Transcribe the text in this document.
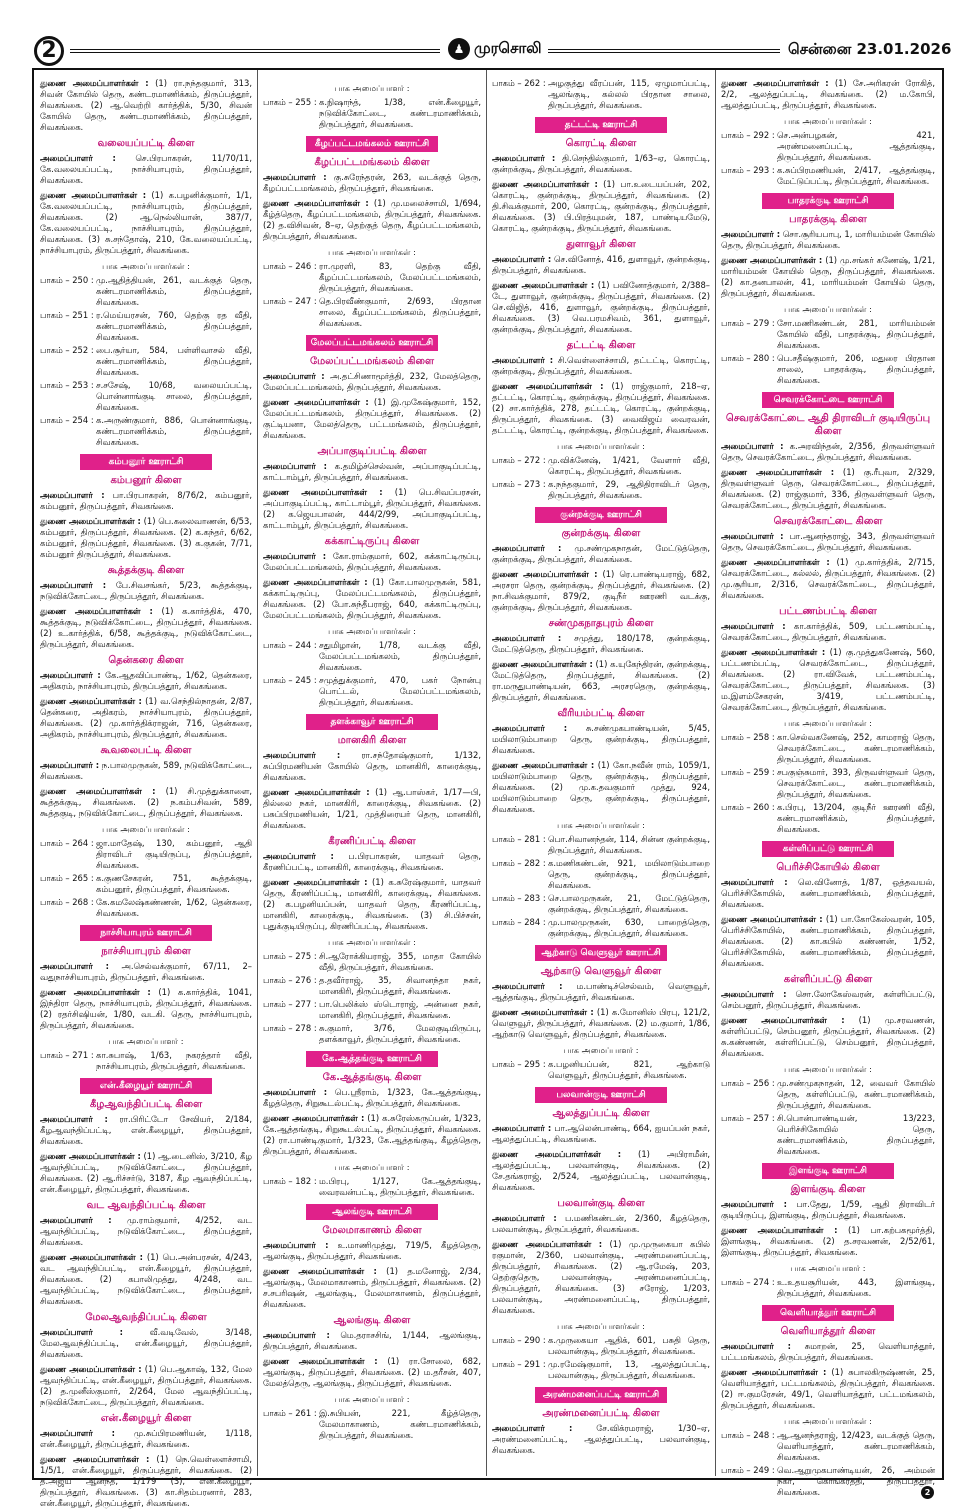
2	♟ முரசொலி	சென்னை 23.01.2026
துணை அமைப்பாளர்கள் : (1) ரா.நந்தகுமார், 313, சிவன் கோயில் தெரு, கண்டரமாணிக்கம், திருப்பத்தூர், சிவகங்கை. (2) ஆ.வெற்றி கார்த்திக், 5/30, சிவன் கோயில் தெரு, கண்டரமாணிக்கம், திருப்பத்தூர், சிவகங்கை.
வலையப்பட்டி கிளை
அமைப்பாளர் : செ.பிரபாகரன், 11/70/11, கே.வலையப்பட்டி, நாச்சியாபுரம், திருப்பத்தூர், சிவகங்கை.
துணை அமைப்பாளர்கள் : (1) க.பழனிக்குமார், 1/1, கே.வலையப்பட்டி, நாச்சியாபுரம், திருப்பத்தூர், சிவகங்கை. (2) ஆ.நெல்லியான், 387/7, கே.வலையப்பட்டி, நாச்சியாபுரம், திருப்பத்தூர், சிவகங்கை. (3) சு.சந்தோஷ், 210, கே.வலையப்பட்டி, நாச்சியாபுரம், திருப்பத்தூர், சிவகங்கை.
பாக அமைப்பாளர்கள் :
பாகம் – 250 : மு.ஆதித்தியன், 261, வடக்குத் தெரு, கண்டரமாணிக்கம், திருப்பத்தூர், சிவகங்கை.
பாகம் – 251 : ர.மெய்யரசன், 760, தெற்கு ரத வீதி, கண்டரமாணிக்கம், திருப்பத்தூர், சிவகங்கை.
பாகம் – 252 : பை.சூர்யா, 584, பள்ளிவாசல் வீதி, கண்டரமாணிக்கம், திருப்பத்தூர், சிவகங்கை.
பாகம் – 253 : ச.சசேஷ், 10/68, வலையப்பட்டி, பொன்னாங்குடி சாலை, திருப்பத்தூர், சிவகங்கை.
பாகம் – 254 : க.அருண்குமார், 886, பொன்னாங்குடி, கண்டரமாணிக்கம், திருப்பத்தூர், சிவகங்கை.
கம்பனூர் ஊராட்சி
கம்பனூர் கிளை
அமைப்பாளர் : பா.பிரபாகரன், 8/76/2, கம்பனூர், கம்பனூர், திருப்பத்தூர், சிவகங்கை.
துணை அமைப்பாளர்கள் : (1) பெ.கலைவாணன், 6/53, கம்பனூர், திருப்பத்தூர், சிவகங்கை. (2) க.கந்தர், 6/62, கம்பனூர், திருப்பத்தூர், சிவகங்கை. (3) க.குகன், 7/71, கம்பனூர் திருப்பத்தூர், சிவகங்கை.
கூத்தக்குடி கிளை
அமைப்பாளர் : பே.சிவசங்கர், 5/23, கூத்தக்குடி, நடுவிக்கோட்டை, திருப்பத்தூர், சிவகங்கை.
துணை அமைப்பாளர்கள் : (1) க.கார்த்திக், 470, கூத்தக்குடி, நடுவிக்கோட்டை, திருப்பத்தூர், சிவகங்கை. (2) உ.கார்த்திக், 6/58, கூத்தக்குடி, நடுவிக்கோட்டை, திருப்பத்தூர், சிவகங்கை.
தென்கரை கிளை
அமைப்பாளர் : கே.ஆதவிப்பாண்டி, 1/62, தென்கரை, அதிகரம், நாச்சியாபுரம், திருப்பத்தூர், சிவகங்கை.
துணை அமைப்பாளர்கள் : (1) வ.செந்தில்நாதன், 2/87, தென்கரை, அதிகரம், நாச்சியாபுரம், திருப்பத்தூர், சிவகங்கை. (2) மு.கார்த்திக்ராஜன், 716, தென்கரை, அதிகரம், நாச்சியாபுரம், திருப்பத்தூர், சிவகங்கை.
கூவலைபட்டி கிளை
அமைப்பாளர் : ந.பாலமுருகன், 589, நடுவிக்கோட்டை, சிவகங்கை.
துணை அமைப்பாளர்கள் : (1) சி.முத்துக்காளை, கூத்தக்குடி, சிவகங்கை. (2) ந.கம்பசிவன், 589, கூத்தகுடி, நடுவிக்கோட்டை, திருப்பத்தூர், சிவகங்கை.
பாக அமைப்பாளர்கள் :
பாகம் – 264 : ஜா.மாதேஷ், 130, கம்பனூர், ஆதி திராவிடர் குடியிருப்பு, திருப்பத்தூர், சிவகங்கை.
பாகம் – 265 : க.குணசேகரன், 751, கூத்தக்குடி, கம்பனூர், திருப்பத்தூர், சிவகங்கை.
பாகம் – 268 : கே.கமலேஷ்கண்ணன், 1/62, தென்கரை, சிவகங்கை.
நாச்சியாபுரம் ஊராட்சி
நாச்சியாபுரம் கிளை
அமைப்பாளர் : அ.செல்வக்குமார், 67/11, 2–வதுநாச்சியாபுரம், திருப்பத்தூர், சிவகங்கை.
துணை அமைப்பாளர்கள் : (1) க.கார்த்திக், 1041, இந்திரா தெரு, நாச்சியாபுரம், திருப்பத்தூர், சிவகங்கை. (2) ரதர்சிஷியன், 1/80, வடகி. தெரு, நாச்சியாபுரம், திருப்பத்தூர், சிவகங்கை.
பாக அமைப்பாளர் :
பாகம் – 271 : கா.சுபாஷ், 1/63, நகரத்தார் வீதி, நாச்சியாபுரம், திருப்பத்தூர், சிவகங்கை.
என்.கீழையூர் ஊராட்சி
கீழஆவந்திப்பட்டி கிளை
அமைப்பாளர் : ரா.பிரிட்டோ சேவியர், 2/184, கீழஆவந்திப்பட்டி, என்.கீழையூர், திருப்பத்தூர், சிவகங்கை.
துணை அமைப்பாளர்கள் : (1) ஆ.டைனிஸ், 3/210, கீழ ஆவந்திப்பட்டி, நடுவிக்கோட்டை, திருப்பத்தூர், சிவகங்கை. (2) ஆ.ரிச்சர்டு, 3187, கீழ ஆவந்திப்பட்டி, என்.கீழையூர், திருப்பத்தூர், சிவகங்கை.
வட ஆவந்திப்பட்டி கிளை
அமைப்பாளர் : மு.ராம்குமார், 4/252, வட ஆவந்திப்பட்டி, நடுவிக்கோட்டை, திருப்பத்தூர், சிவகங்கை.
துணை அமைப்பாளர்கள் : (1) பெ.அன்பரசன், 4/243, வட ஆவந்திப்பட்டி, என்.கீழையூர், திருப்பத்தூர், சிவகங்கை. (2) கபாலிமுத்து, 4/248, வட ஆவந்திப்பட்டி, நடுவிக்கோட்டை, திருப்பத்தூர், சிவகங்கை.
மேலஆவந்திப்பட்டி கிளை
அமைப்பாளர் : வீ.வடிவேல், 3/148, மேலஆவந்திப்பட்டி, என்.கீழையூர், திருப்பத்தூர், சிவகங்கை.
துணை அமைப்பாளர்கள் : (1) பெ.ஆகாஷ், 132, மேல ஆவந்திப்பட்டி, என்.கீழையூர், திருப்பத்தூர், சிவகங்கை. (2) த.முனீஸ்குமார், 2/264, மேல ஆவந்திப்பட்டி, நடுவிக்கோட்டை, திருப்பத்தூர், சிவகங்கை.
என்.கீழையூர் கிளை
அமைப்பாளர் : மு.சுப்பிரமணியன், 1/118, என்.கீழையூர், திருப்பத்தூர், சிவகங்கை.
துணை அமைப்பாளர்கள் : (1) நெ.வெள்ளைச்சாமி, 1/5/1, என்.கீழையூர், திருப்பத்தூர், சிவகங்கை. (2) த.அஜய் ஆனந்த், 1/179 (3), என்.கீழையூர், திருப்பத்தூர், சிவகங்கை. (3) கா.சிதம்பரனார், 283, என்.கீழையூர், திருப்பத்தூர், சிவகங்கை.
பாக அமைப்பாளர் :
பாகம் – 255 : க.நிஷாந்த், 1/38, என்.கீழையூர், நடுவிக்கோட்டை, கண்டரமாணிக்கம், திருப்பத்தூர், சிவகங்கை.
கீழப்பட்டமங்கலம் ஊராட்சி
கீழப்பட்டமங்கலம் கிளை
அமைப்பாளர் : கு.சுரேந்தரன், 263, வடக்குத் தெரு, கீழப்பட்டமங்கலம், திருப்பத்தூர், சிவகங்கை.
துணை அமைப்பாளர்கள் : (1) மு.மலைச்சாமி, 1/694, கீழ்த்தெரு, கீழப்பட்டமங்கலம், திருப்பத்தூர், சிவகங்கை. (2) த.விசிவன், 8–ஏ, தெற்குத் தெரு, கீழப்பட்டமங்கலம், திருப்பத்தூர், சிவகங்கை.
பாக அமைப்பாளர்கள் :
பாகம் – 246 : ரா.முரளி, 83, தெற்கு வீதி, கீழப்பட்டமங்கலம், மேலப்பட்டமங்கலம், திருப்பத்தூர், சிவகங்கை.
பாகம் – 247 : தெ.பிரவீண்குமார், 2/693, பிரதான சாலை, கீழப்பட்டமங்கலம், திருப்பத்தூர், சிவகங்கை.
மேலப்பட்டமங்கலம் ஊராட்சி
மேலப்பட்டமங்கலம் கிளை
அமைப்பாளர் : அ.தட்சிணாமூர்த்தி, 232, மேலத்தெரு, மேலப்பட்டமங்கலம், திருப்பத்தூர், சிவகங்கை.
துணை அமைப்பாளர்கள் : (1) இ.முகேஷ்குமார், 152, மேலப்பட்டமங்கலம், திருப்பத்தூர், சிவகங்கை. (2) குட்டியனா, மேலத்தெரு, பட்டமங்கலம், திருப்பத்தூர், சிவகங்கை.
அப்பாகுடிப்பட்டி கிளை
அமைப்பாளர் : க.தமிழ்ச்செல்வன், அப்பாகுடிப்பட்டி, காட்டாம்பூர், திருப்பத்தூர், சிவகங்கை.
துணை அமைப்பாளர்கள் : (1) பெ.சிவப்பரசன், அப்பாகுடிப்பட்டி, காட்டாம்பூர், திருப்பத்தூர், சிவகங்கை. (2) க.ஜெயபாலன், 444/2/99, அப்பாகுடிப்பட்டி, காட்டாம்பூர், திருப்பத்தூர், சிவகங்கை.
கக்காட்டிருப்பு கிளை
அமைப்பாளர் : கோ.ராம்குமார், 602, கக்காட்டிருப்பு, மேலப்பட்டமங்கலம், திருப்பத்தூர், சிவகங்கை.
துணை அமைப்பாளர்கள் : (1) கோ.பாலமுருகன், 581, கக்காட்டிருப்பு, மேலப்பட்டமங்கலம், திருப்பத்தூர், சிவகங்கை. (2) போ.சுந்தீபராஜ், 640, கக்காட்டிருப்பு, மேலப்பட்டமங்கலம், திருப்பத்தூர், சிவகங்கை.
பாக அமைப்பாளர்கள் :
பாகம் – 244 : சதுமிழான், 1/78, வடக்கு வீதி, மேலப்பட்டமங்கலம், திருப்பத்தூர், சிவகங்கை.
பாகம் – 245 : சமுத்துக்குமார், 470, பகர் நோன்பு பொட்டல், மேலப்பட்டமங்கலம், திருப்பத்தூர், சிவகங்கை.
தளக்காவூர் ஊராட்சி
மானகிரி கிளை
அமைப்பாளர் : ரா.சந்தோஷ்குமார், 1/132, சுப்பிரமணியன் கோயில் தெரு, மானகிரி, காரைக்குடி, சிவகங்கை.
துணை அமைப்பாளர்கள் : (1) ஆ.பாஸ்கர், 1/17—பி, தில்லை நகர், மானகிரி, காரைக்குடி, சிவகங்கை. (2) பசுப்பிரமணியன், 1/21, முத்திரையர் தெரு, மானகிரி, சிவகங்கை.
கீரணிப்பட்டி கிளை
அமைப்பாளர் : ப.பிரபாகரன், யாதவர் தெரு, கீரணிப்பட்டி, மானகிரி, காரைக்குடி, சிவகங்கை.
துணை அமைப்பாளர்கள் : (1) க.சுரேஷ்குமார், யாதவர் தெரு, கீரணிப்பட்டி, மானகிரி, காரைக்குடி, சிவகங்கை. (2) க.பழனியப்பன், யாதவர் தெரு, கீரணிப்பட்டி, மானகிரி, காரைக்குடி, சிவகங்கை. (3) சி.பிச்சன், புதுக்குடியிருப்பு, கிரணிப்பட்டி, சிவகங்கை.
பாக அமைப்பாளர்கள் :
பாகம் – 275 : சி.ஆரோக்கியராஜ், 355, மாதா கோயில் வீதி, திருப்பத்தூர், சிவகங்கை.
பாகம் – 276 : த.தவீர்ராஜ், 35, சிவானந்தா நகர், மானகிரி, திருப்பத்தூர், சிவகங்கை.
பாகம் – 277 : பா.பெலிக்ஸ் ஸ்டொராஜ், அன்னை நகர், மானகிரி, திருப்பத்தூர், சிவகங்கை.
பாகம் – 278 : சு.குமார், 3/76, மேலகுடியிருப்பு, தளக்காவூர், திருப்பத்தூர், சிவகங்கை.
கே.ஆத்தங்குடி ஊராட்சி
கே.ஆத்தங்குடி கிளை
அமைப்பாளர் : பெ.ஸ்ரீராம், 1/323, கே.ஆத்தங்குடி, கீழத்தெரு, சிறுகூடல்பட்டி, திருப்பத்தூர், சிவகங்கை.
துணை அமைப்பாளர்கள் : (1) க.சுரேஸ்கருப்பன், 1/323, கே.ஆத்தங்குடி, சிறுகூடல்பட்டி, திருப்பத்தூர், சிவகங்கை. (2) ரா.பாண்டிகுமார், 1/323, கே.ஆத்தங்குடி, கீழத்தெரு, திருப்பத்தூர், சிவகங்கை.
பாக அமைப்பாளர் :
பாகம் – 182 : ம.பிரபு, 1/127, கே.ஆத்தங்குடி, வைரவன்பட்டி, திருப்பத்தூர், சிவகங்கை.
ஆலங்குடி ஊராட்சி
மேலமாகாணம் கிளை
அமைப்பாளர் : உ.மாணிமுத்து, 719/5, கீழத்தெரு, ஆலங்குடி, திருப்பத்தூர், சிவகங்கை.
துணை அமைப்பாளர்கள் : (1) த.மனோஜ், 2/34, ஆலங்குடி, மேலமாகாணம், திருப்பத்தூர், சிவகங்கை. (2) ச.சபரிஷன், ஆலங்குடி, மேலமாகாணம், திருப்பத்தூர், சிவகங்கை.
ஆலங்குடி கிளை
அமைப்பாளர் : மெ.தராசசிங், 1/144, ஆலங்குடி, திருப்பத்தூர், சிவகங்கை.
துணை அமைப்பாளர்கள் : (1) ரா.சோலை, 682, ஆலங்குடி, திருப்பத்தூர், சிவகங்கை. (2) ம.தரீசன், 407, மேலத்தெரு, ஆலங்குடி, திருப்பத்தூர், சிவகங்கை.
பாக அமைப்பாளர் :
பாகம் – 261 : இ.சுபியன், 221, கீழ்த்தெரு, மேலமாகாணம், கண்டரமாணிக்கம், திருப்பத்தூர், சிவகங்கை.
பாகம் – 262 : அழகுத்து வீரப்பன், 115, ஏழுமாப்பட்டி, ஆலங்குடி, கல்லல் பிரதான சாலை, திருப்பத்தூர், சிவகங்கை.
தட்டட்டி ஊராட்சி
கொரட்டி கிளை
அமைப்பாளர் : தி.செந்தில்குமார், 1/63–ஏ, கொரட்டி, குன்றக்குடி, திருப்பத்தூர், சிவகங்கை.
துணை அமைப்பாளர்கள் : (1) பா.உடையப்பன், 202, கொரட்டி, குன்றக்குடி, திருப்பத்தூர், சிவகங்கை. (2) தி.சிவக்குமார், 200, கொரட்டி, குன்றக்குடி, திருப்பத்தூர், சிவகங்கை. (3) பி.பிரத்யுமன், 187, பாண்டியமேடு, கொரட்டி, குன்றக்குடி, திருப்பத்தூர், சிவகங்கை.
துளாவூர் கிளை
அமைப்பாளர் : செ.வினோத், 416, துளாவூர், குன்றக்குடி, திருப்பத்தூர், சிவகங்கை.
துணை அமைப்பாளர்கள் : (1) பவினோத்குமார், 2/388–டே, துளாவூர், குன்றக்குடி, திருப்பத்தூர், சிவகங்கை. (2) செ.விஜித், 416, துளாவூர், குன்றக்குடி, திருப்பத்தூர், சிவகங்கை. (3) வெ.பரமசிவம், 361, துளாவூர், குன்றக்குடி, திருப்பத்தூர், சிவகங்கை.
தட்டட்டி கிளை
அமைப்பாளர் : சி.வெள்ளைச்சாமி, தட்டட்டி, கொரட்டி, குன்றக்குடி, திருப்பத்தூர், சிவகங்கை.
துணை அமைப்பாளர்கள் : (1) ராஜ்குமார், 218–ஏ, தட்டட்டி, கொரட்டி, குன்றக்குடி, திருப்பத்தூர், சிவகங்கை. (2) சா.கார்த்திக், 278, தட்டட்டி, கொரட்டி, குன்றக்குடி, திருப்பத்தூர், சிவகங்கை. (3) வைவிஜய் வைரவன், தட்டட்டி, கொரட்டி, குன்றக்குடி, திருப்பத்தூர், சிவகங்கை.
பாக அமைப்பாளர்கள் :
பாகம் – 272 : மு.விக்னேஷ், 1/421, வேளார் வீதி, கொரட்டி, திருப்பத்தூர், சிவகங்கை.
பாகம் – 273 : க.நந்தகுமார், 29, ஆதிதிராவிடர் தெரு, திருப்பத்தூர், சிவகங்கை.
குன்றக்குடி ஊராட்சி
குன்றக்குடி கிளை
அமைப்பாளர் : மு.சண்முகநாதன், மேட்டுத்தெரு, குன்றக்குடி, திருப்பத்தூர், சிவகங்கை.
துணை அமைப்பாளர்கள் : (1) ரெ.பாண்டியராஜ், 682, அரசரா தெரு, குன்றக்குடி, திருப்பத்தூர், சிவகங்கை. (2) நா.சிவக்குமார், 879/2, குடிநீர் ஊரணி வடக்கு, குன்றக்குடி, திருப்பத்தூர், சிவகங்கை.
சண்முகநாதபுரம் கிளை
அமைப்பாளர் : சமுத்து, 180/178, குன்றக்குடி, மேட்டுத்தெரு, திருப்பத்தூர், சிவகங்கை.
துணை அமைப்பாளர்கள் : (1) க.யுகேந்திரன், குன்றக்குடி, மேட்டுத்தெரு, திருப்பத்தூர், சிவகங்கை. (2) ரா.மருதுபாண்டியன், 663, அரசரதெரு, குன்றக்குடி, திருப்பத்தூர், சிவகங்கை.
வீரியம்பட்டி கிளை
அமைப்பாளர் : சு.சண்முகபாண்டியன், 5/45, மயிலாடும்பாறை தெரு, குன்றக்குடி, திருப்பத்தூர், சிவகங்கை.
துணை அமைப்பாளர்கள் : (1) கோ.நவீன் ராம், 1059/1, மயிலாடும்பாறை தெரு, குன்றக்குடி, திருப்பத்தூர், சிவகங்கை. (2) மு.க.தவகுமார் முத்து, 924, மயிலாடும்பாறை தெரு, குன்றக்குடி, திருப்பத்தூர், சிவகங்கை.
பாக அமைப்பாளர்கள் :
பாகம் – 281 : பொ.சிவானந்தன், 114, சின்ன குன்றக்குடி, திருப்பத்தூர், சிவகங்கை.
பாகம் – 282 : க.மணிகண்டன், 921, மயிலாடும்பாறை தெரு, குன்றக்குடி, திருப்பத்தூர், சிவகங்கை.
பாகம் – 283 : செ.பாலமுருகன், 21, மேட்டுத்தெரு, குன்றக்குடி, திருப்பத்தூர், சிவகங்கை.
பாகம் – 284 : மு.பாலமுருகன், 630, பாறைத்தெரு, குன்றக்குடி, திருப்பத்தூர், சிவகங்கை.
ஆற்காடு வெளுவூர் ஊராட்சி
ஆற்காடு வெளுவூர் கிளை
அமைப்பாளர் : ம.பாண்டிச்செல்வம், வெளுவூர், ஆத்தங்குடி, திருப்பத்தூர், சிவகங்கை.
துணை அமைப்பாளர்கள் : (1) க.மோனிஸ் பிரபு, 121/2, வெளுவூர், திருப்பத்தூர், சிவகங்கை. (2) ம.குமார், 1/86, ஆற்காடு வெளுவூர், திருப்பத்தூர், சிவகங்கை.
பாக அமைப்பாளர் :
பாகம் – 295 : க.பழனியப்பன், 821, ஆற்காடு வெளுவூர், திருப்பத்தூர், சிவகங்கை.
பலவான்குடி ஊராட்சி
ஆலத்துப்பட்டி கிளை
அமைப்பாளர் : பா.ஆலென்பாண்டி, 664, ஐயப்பன் நகர், ஆலத்துப்பட்டி, சிவகங்கை.
துணை அமைப்பாளர்கள் : (1) அபிராமீன், ஆலத்துப்பட்டி, பலவான்குடி, சிவகங்கை. (2) சே.தங்கராஜ், 2/524, ஆலத்துப்பட்டி, பலவான்குடி, சிவகங்கை.
பலவான்குடி கிளை
அமைப்பாளர் : ப.மணிகண்டன், 2/360, கீழத்தெரு, பலவான்குடி, திருப்பத்தூர், சிவகங்கை.
துணை அமைப்பாளர்கள் : (1) மு.முருகையா கபில் ரகுமான், 2/360, பலவான்குடி, அரண்மனைப்பட்டி, திருப்பத்தூர், சிவகங்கை. (2) ஆ.ரமேஷ், 203, தெற்குதெரு, பலவான்குடி, அரண்மனைப்பட்டி, திருப்பத்தூர், சிவகங்கை. (3) சரோஜ், 1/203, பலவான்குடி, அரண்மனைப்பட்டி, திருப்பத்தூர், சிவகங்கை.
பாக அமைப்பாளர்கள் :
பாகம் – 290 : க.முருகையா ஆதிக், 601, பசுதி தெரு, பலவான்குடி, திருப்பத்தூர், சிவகங்கை.
பாகம் – 291 : மு.ரமேஷ்குமார், 13, ஆலத்துப்பட்டி, பலவான்குடி, திருப்பத்தூர், சிவகங்கை.
அரண்மனைப்பட்டி ஊராட்சி
அரண்மனைப்பட்டி கிளை
அமைப்பாளர் : சே.விக்ரமராஜ், 1/30–ஏ, அரண்மனைப்பட்டி, ஆலத்துப்பட்டி, பலவான்குடி, சிவகங்கை.
துணை அமைப்பாளர்கள் : (1) சே.அரிகரன் ரோகித், 2/2, ஆலத்துப்பட்டி, சிவகங்கை. (2) ம.கோபி, ஆலத்துப்பட்டி, திருப்பத்தூர், சிவகங்கை.
பாக அமைப்பாளர்கள் :
பாகம் – 292 : செ.அன்பழகன், 421, அரண்மனைப்பட்டி, ஆத்தங்குடி, திருப்பத்தூர், சிவகங்கை.
பாகம் – 293 : க.சுப்பிரமணியன், 2/417, ஆத்தங்குடி, மேட்டுப்பட்டி, திருப்பத்தூர், சிவகங்கை.
பாதரக்குடி ஊராட்சி
பாதரக்குடி கிளை
அமைப்பாளர் : சொ.சூரியபாபு, 1, மாரியம்மன் கோயில் தெரு, திருப்பத்தூர், சிவகங்கை.
துணை அமைப்பாளர்கள் : (1) மு.சங்கர் கணேஷ், 1/21, மாரியம்மன் கோயில் தெரு, திருப்பத்தூர், சிவகங்கை. (2) கா.தனபாலன், 41, மாரியம்மன் கோயில் தெரு, திருப்பத்தூர், சிவகங்கை.
பாக அமைப்பாளர்கள் :
பாகம் – 279 : சோ.மணிகண்டன், 281, மாரியம்மன் கோயில் வீதி, பாதரக்குடி, திருப்பத்தூர், சிவகங்கை.
பாகம் – 280 : பெ.சதீஷ்குமார், 206, மதுரை பிரதான சாலை, பாதரக்குடி, திருப்பத்தூர், சிவகங்கை.
செவரக்கோட்டை ஊராட்சி
செவரக்கோட்டை ஆதி திராவிடர் குடியிருப்பு கிளை
அமைப்பாளர் : க.அரவிந்தன், 2/356, திருவள்ளுவர் தெரு, செவரக்கோட்டை, திருப்பத்தூர், சிவகங்கை.
துணை அமைப்பாளர்கள் : (1) கு.ரீபுவா, 2/329, திருவள்ளுவர் தெரு, செவரக்கோட்டை, திருப்பத்தூர், சிவகங்கை. (2) ராஜ்குமார், 336, திருவள்ளுவர் தெரு, செவரக்கோட்டை, திருப்பத்தூர், சிவகங்கை.
செவரக்கோட்டை கிளை
அமைப்பாளர் : பா.ஆனந்தராஜ், 343, திருவள்ளுவர் தெரு, செவரக்கோட்டை, திருப்பத்தூர், சிவகங்கை.
துணை அமைப்பாளர்கள் : (1) மு.கார்த்திக், 2/715, செவரக்கோட்டை, கல்லல், திருப்பத்தூர், சிவகங்கை. (2) மு.சூரியா, 2/316, செவரக்கோட்டை, திருப்பத்தூர், சிவகங்கை.
பட்டணம்பட்டி கிளை
அமைப்பாளர் : கா.கார்த்திக், 509, பட்டணம்பட்டி, செவரக்கோட்டை, திருப்பத்தூர், சிவகங்கை.
துணை அமைப்பாளர்கள் : (1) கு.முத்துகணேஷ், 560, பட்டணம்பட்டி, செவரக்கோட்டை, திருப்பத்தூர், சிவகங்கை. (2) ரா.விவேக், பட்டணம்பட்டி, செவரக்கோட்டை, திருப்பத்தூர், சிவகங்கை. (3) ம.இளம்சேகரன், 3/419, பட்டணம்பட்டி, செவரக்கோட்டை, திருப்பத்தூர், சிவகங்கை.
பாக அமைப்பாளர்கள் :
பாகம் – 258 : கா.செல்வகணேஷ், 252, காமராஜ் தெரு, செவரக்கோட்டை, கண்டரமாணிக்கம், திருப்பத்தூர், சிவகங்கை.
பாகம் – 259 : சபகுஞ்சுமார், 393, திருவள்ளுவர் தெரு, செவரக்கோட்டை, கண்டரமாணிக்கம், திருப்பத்தூர், சிவகங்கை.
பாகம் – 260 : க.பிரபு, 13/204, குடிநீர் ஊரணி வீதி, கண்டரமாணிக்கம், திருப்பத்தூர், சிவகங்கை.
கள்ளிப்பட்டு ஊராட்சி
பெரிச்சிகோயில் கிளை
அமைப்பாளர் : லெ.வினோத், 1/87, ஒத்தவயல், பெரிச்சிகோயில், கண்டரமாணிக்கம், திருப்பத்தூர், சிவகங்கை.
துணை அமைப்பாளர்கள் : (1) பா.கோகேஸ்வரன், 105, பெரிச்சிகோயில், கண்டரமாணிக்கம், திருப்பத்தூர், சிவகங்கை. (2) கா.கபில் கண்ணன், 1/52, பெரிச்சிகோயில், கண்டரமாணிக்கம், திருப்பத்தூர், சிவகங்கை.
கள்ளிப்பட்டு கிளை
அமைப்பாளர் : சொ.லோகேஸ்வரன், கள்ளிப்பட்டு, செம்பனூர், திருப்பத்தூர், சிவகங்கை.
துணை அமைப்பாளர்கள் : (1) மு.சரவணன், கள்ளிப்பட்டு, செம்பனூர், திருப்பத்தூர், சிவகங்கை. (2) சு.கண்ணன், கள்ளிப்பட்டு, செம்பனூர், திருப்பத்தூர், சிவகங்கை.
பாக அமைப்பாளர்கள் :
பாகம் – 256 : மு.சண்முகநாதன், 12, வைவர் கோயில் தெரு, கள்ளிப்பட்டு, கண்டரமாணிக்கம், திருப்பத்தூர், சிவகங்கை.
பாகம் – 257 : சி.பொன்பாண்டியன், 13/223, பெரிச்சிகோயில் தெரு, கண்டரமாணிக்கம், திருப்பத்தூர், சிவகங்கை.
இளங்குடி ஊராட்சி
இளங்குடி கிளை
அமைப்பாளர் : பா.தேது, 1/59, ஆதி திராவிடர் குடியிருப்பு, இளங்குடி, திருப்பத்தூர், சிவகங்கை.
துணை அமைப்பாளர்கள் : (1) பா.கற்பகமூர்த்தி, இளங்குடி, சிவகங்கை. (2) த.சரவணன், 2/52/61, இளங்குடி, திருப்பத்தூர், சிவகங்கை.
பாக அமைப்பாளர் :
பாகம் – 274 : உ.உதயசூரியன், 443, இளங்குடி, திருப்பத்தூர், சிவகங்கை.
வெளியாத்தூர் ஊராட்சி
வெளியாத்தூர் கிளை
அமைப்பாளர் : சுமாறன், 25, வெளியாத்தூர், பட்டமங்கலம், திருப்பத்தூர், சிவகங்கை.
துணை அமைப்பாளர்கள் : (1) சுபாலகிருஷ்ணன், 25, வெளியாத்தூர், பட்டமங்கலம், திருப்பத்தூர், சிவகங்கை. (2) ஈ.குமரேசன், 49/1, வெளியாத்தூர், பட்டமங்கலம், திருப்பத்தூர், சிவகங்கை.
பாக அமைப்பாளர்கள் :
பாகம் – 248 : ஆ.ஆனந்தராஜ், 12/423, வடக்குத் தெரு, வெளியாத்தூர், கண்டரமாணிக்கம், சிவகங்கை.
பாகம் – 249 : வெ.ஆறுமுகபாண்டியன், 26, அம்மன் நகர், கொங்கரத்தி, திருப்பத்தூர், சிவகங்கை.	2
